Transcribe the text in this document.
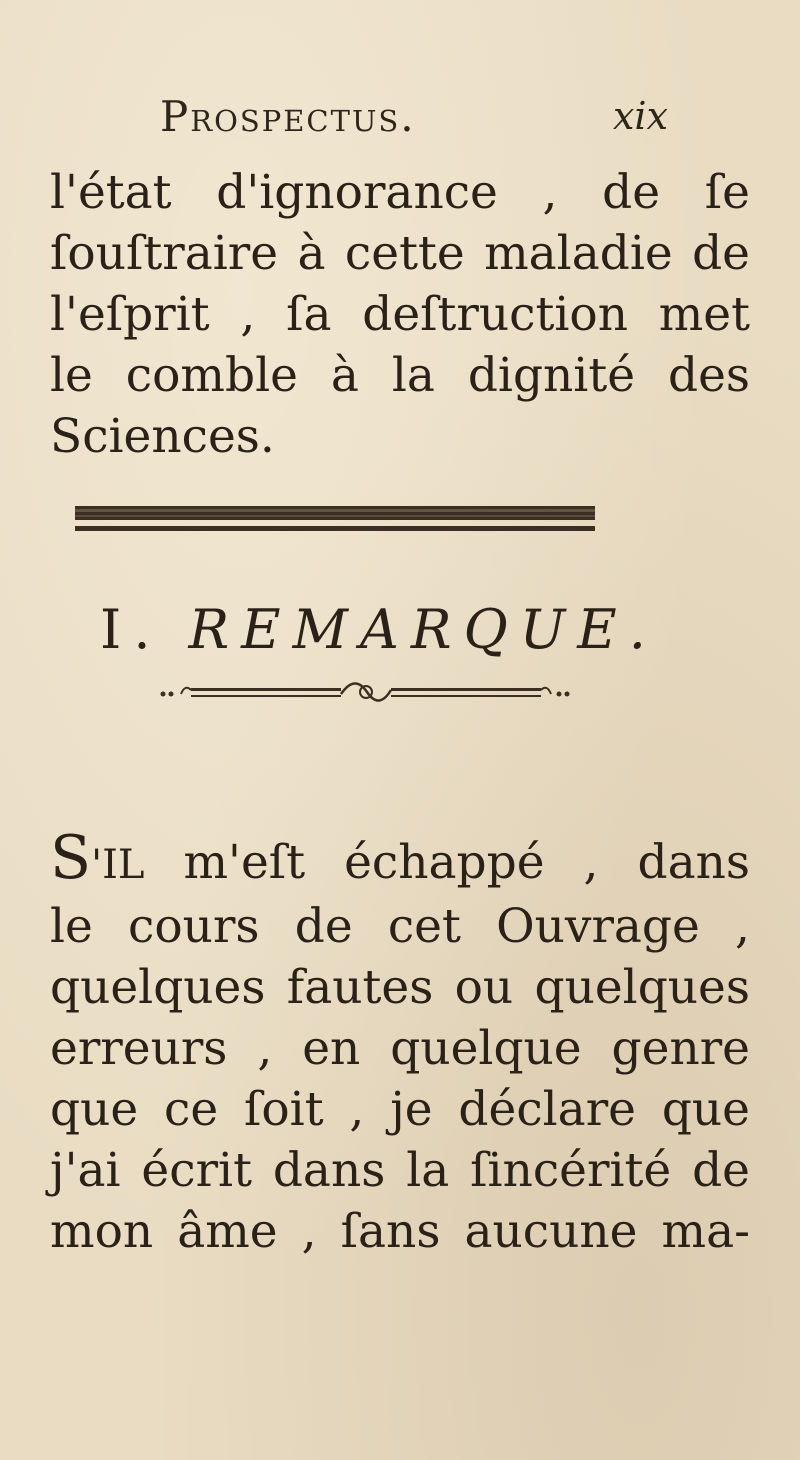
Prospectus.	xix
l'état d'ignorance , de ſe
ſouſtraire à cette maladie de
l'eſprit , ſa deſtruction met
le comble à la dignité des
Sciences.
I. REMARQUE.
S'IL m'eſt échappé , dans
le cours de cet Ouvrage ,
quelques fautes ou quelques
erreurs , en quelque genre
que ce ſoit , je déclare que
j'ai écrit dans la ſincérité de
mon âme , ſans aucune ma-
